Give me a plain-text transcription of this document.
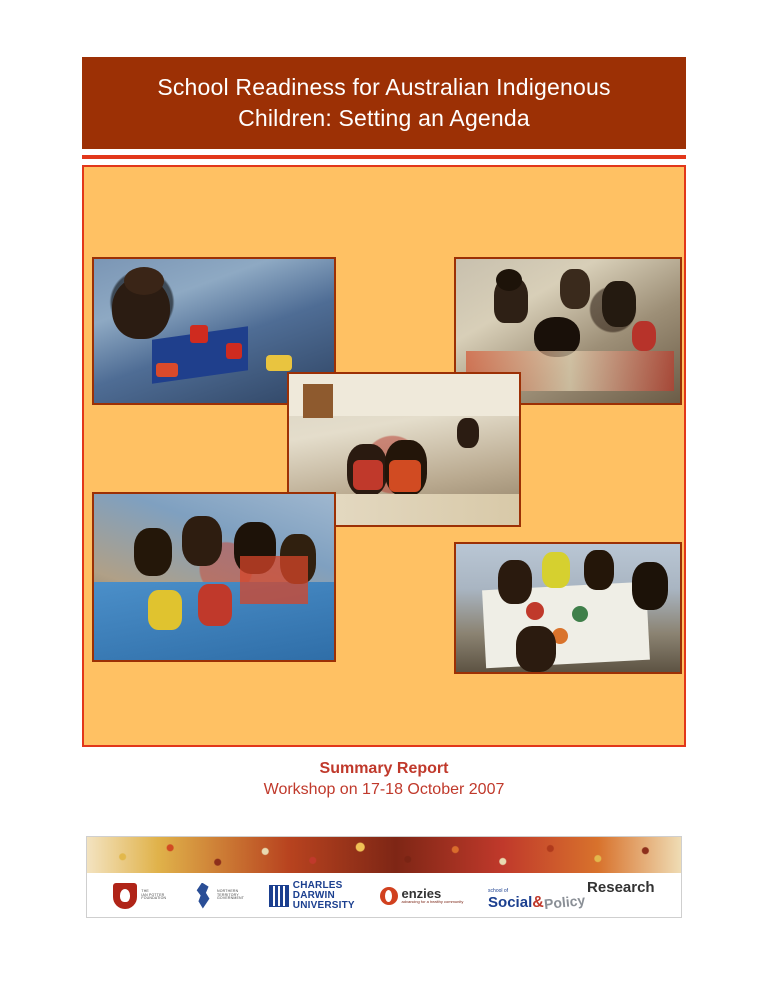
School Readiness for Australian Indigenous
Children: Setting an Agenda
Summary Report
Workshop on 17-18 October 2007
THE
IAN POTTER
FOUNDATION
NORTHERN
TERRITORY
GOVERNMENT
CHARLES
DARWIN
UNIVERSITY
enzies
advancing for a healthy community
school of
Social&Policy
Research
